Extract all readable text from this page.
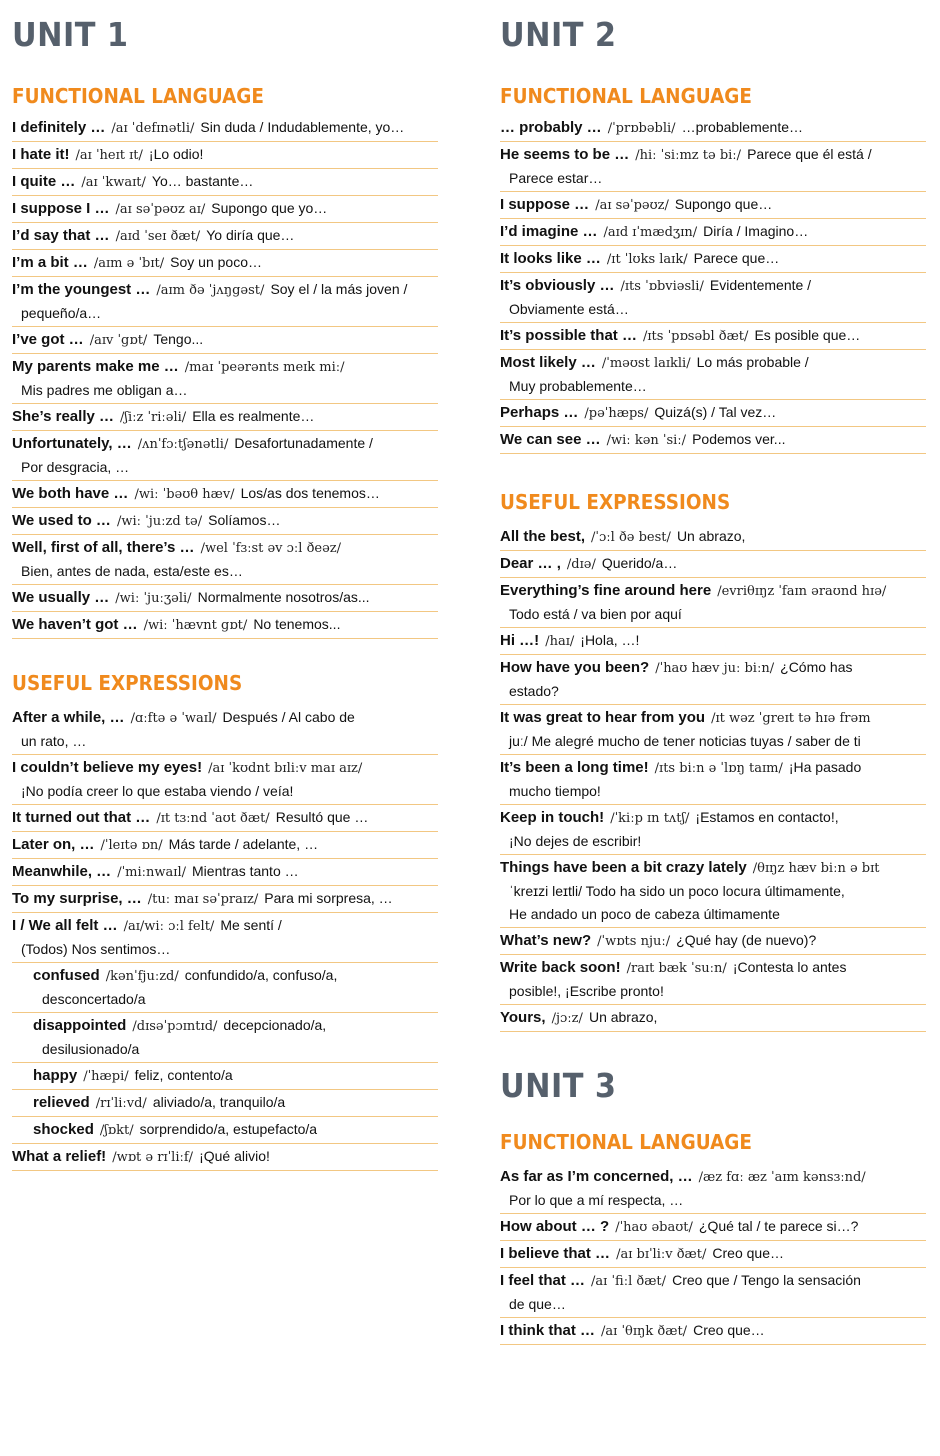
UNIT 1
FUNCTIONAL LANGUAGE
I definitely … /aɪ ˈdefɪnətli/ Sin duda / Indudablemente, yo…
I hate it! /aɪ ˈheɪt ɪt/ ¡Lo odio!
I quite … /aɪ ˈkwaɪt/ Yo… bastante…
I suppose I … /aɪ səˈpəʊz aɪ/ Supongo que yo…
I’d say that … /aɪd ˈseɪ ðæt/ Yo diría que…
I’m a bit … /aɪm ə ˈbɪt/ Soy un poco…
I’m the youngest … /aɪm ðə ˈjʌŋgəst/ Soy el / la más joven /
pequeño/a…
I’ve got … /aɪv ˈgɒt/ Tengo...
My parents make me … /maɪ ˈpeərənts meɪk miː/
Mis padres me obligan a…
She’s really … /ʃiːz ˈriːəli/ Ella es realmente…
Unfortunately, … /ʌnˈfɔːtʃənətli/ Desafortunadamente /
Por desgracia, …
We both have … /wiː ˈbəʊθ hæv/ Los/as dos tenemos…
We used to … /wiː ˈjuːzd tə/ Solíamos…
Well, first of all, there’s … /wel ˈfɜːst əv ɔːl ðeəz/
Bien, antes de nada, esta/este es…
We usually … /wiː ˈjuːʒəli/ Normalmente nosotros/as...
We haven’t got … /wiː ˈhævnt gɒt/ No tenemos...
USEFUL EXPRESSIONS
After a while, … /ɑːftə ə ˈwaɪl/ Después / Al cabo de
un rato, …
I couldn’t believe my eyes! /aɪ ˈkʊdnt bɪliːv maɪ aɪz/
¡No podía creer lo que estaba viendo / veía!
It turned out that … /ɪt tɜːnd ˈaʊt ðæt/ Resultó que …
Later on, … /ˈleɪtə ɒn/ Más tarde / adelante, …
Meanwhile, … /ˈmiːnwaɪl/ Mientras tanto …
To my surprise, … /tuː maɪ səˈpraɪz/ Para mi sorpresa, …
I / We all felt … /aɪ/wiː ɔːl felt/ Me sentí /
(Todos) Nos sentimos…
confused /kənˈfjuːzd/ confundido/a, confuso/a,
desconcertado/a
disappointed /dɪsəˈpɔɪntɪd/ decepcionado/a,
desilusionado/a
happy /ˈhæpi/ feliz, contento/a
relieved /rɪˈliːvd/ aliviado/a, tranquilo/a
shocked /ʃɒkt/ sorprendido/a, estupefacto/a
What a relief! /wɒt ə rɪˈliːf/ ¡Qué alivio!
UNIT 2
FUNCTIONAL LANGUAGE
… probably … /ˈprɒbəbli/ …probablemente…
He seems to be … /hiː ˈsiːmz tə biː/ Parece que él está /
Parece estar…
I suppose … /aɪ səˈpəʊz/ Supongo que…
I’d imagine … /aɪd ɪˈmædʒɪn/ Diría / Imagino…
It looks like … /ɪt ˈlʊks laɪk/ Parece que…
It’s obviously … /ɪts ˈɒbviəsli/ Evidentemente /
Obviamente está…
It’s possible that … /ɪts ˈpɒsəbl ðæt/ Es posible que…
Most likely … /ˈməʊst laɪkli/ Lo más probable /
Muy probablemente…
Perhaps … /pəˈhæps/ Quizá(s) / Tal vez…
We can see … /wiː kən ˈsiː/ Podemos ver...
USEFUL EXPRESSIONS
All the best, /ˈɔːl ðə best/ Un abrazo,
Dear … , /dɪə/ Querido/a…
Everything’s fine around here /evriθɪŋz ˈfaɪn əraʊnd hɪə/
Todo está / va bien por aquí
Hi …! /haɪ/ ¡Hola, …!
How have you been? /ˈhaʊ hæv juː biːn/ ¿Cómo has
estado?
It was great to hear from you /ɪt wəz ˈgreɪt tə hɪə frəm
juː/ Me alegré mucho de tener noticias tuyas / saber de ti
It’s been a long time! /ɪts biːn ə ˈlɒŋ taɪm/ ¡Ha pasado
mucho tiempo!
Keep in touch! /ˈkiːp ɪn tʌtʃ/ ¡Estamos en contacto!,
¡No dejes de escribir!
Things have been a bit crazy lately /θɪŋz hæv biːn ə bɪt
ˈkreɪzi leɪtli/ Todo ha sido un poco locura últimamente,
He andado un poco de cabeza últimamente
What’s new? /ˈwɒts njuː/ ¿Qué hay (de nuevo)?
Write back soon! /raɪt bæk ˈsuːn/ ¡Contesta lo antes
posible!, ¡Escribe pronto!
Yours, /jɔːz/ Un abrazo,
UNIT 3
FUNCTIONAL LANGUAGE
As far as I’m concerned, … /æz fɑː æz ˈaɪm kənsɜːnd/
Por lo que a mí respecta, …
How about … ? /ˈhaʊ əbaʊt/ ¿Qué tal / te parece si…?
I believe that … /aɪ bɪˈliːv ðæt/ Creo que…
I feel that … /aɪ ˈfiːl ðæt/ Creo que / Tengo la sensación
de que…
I think that … /aɪ ˈθɪŋk ðæt/ Creo que…
